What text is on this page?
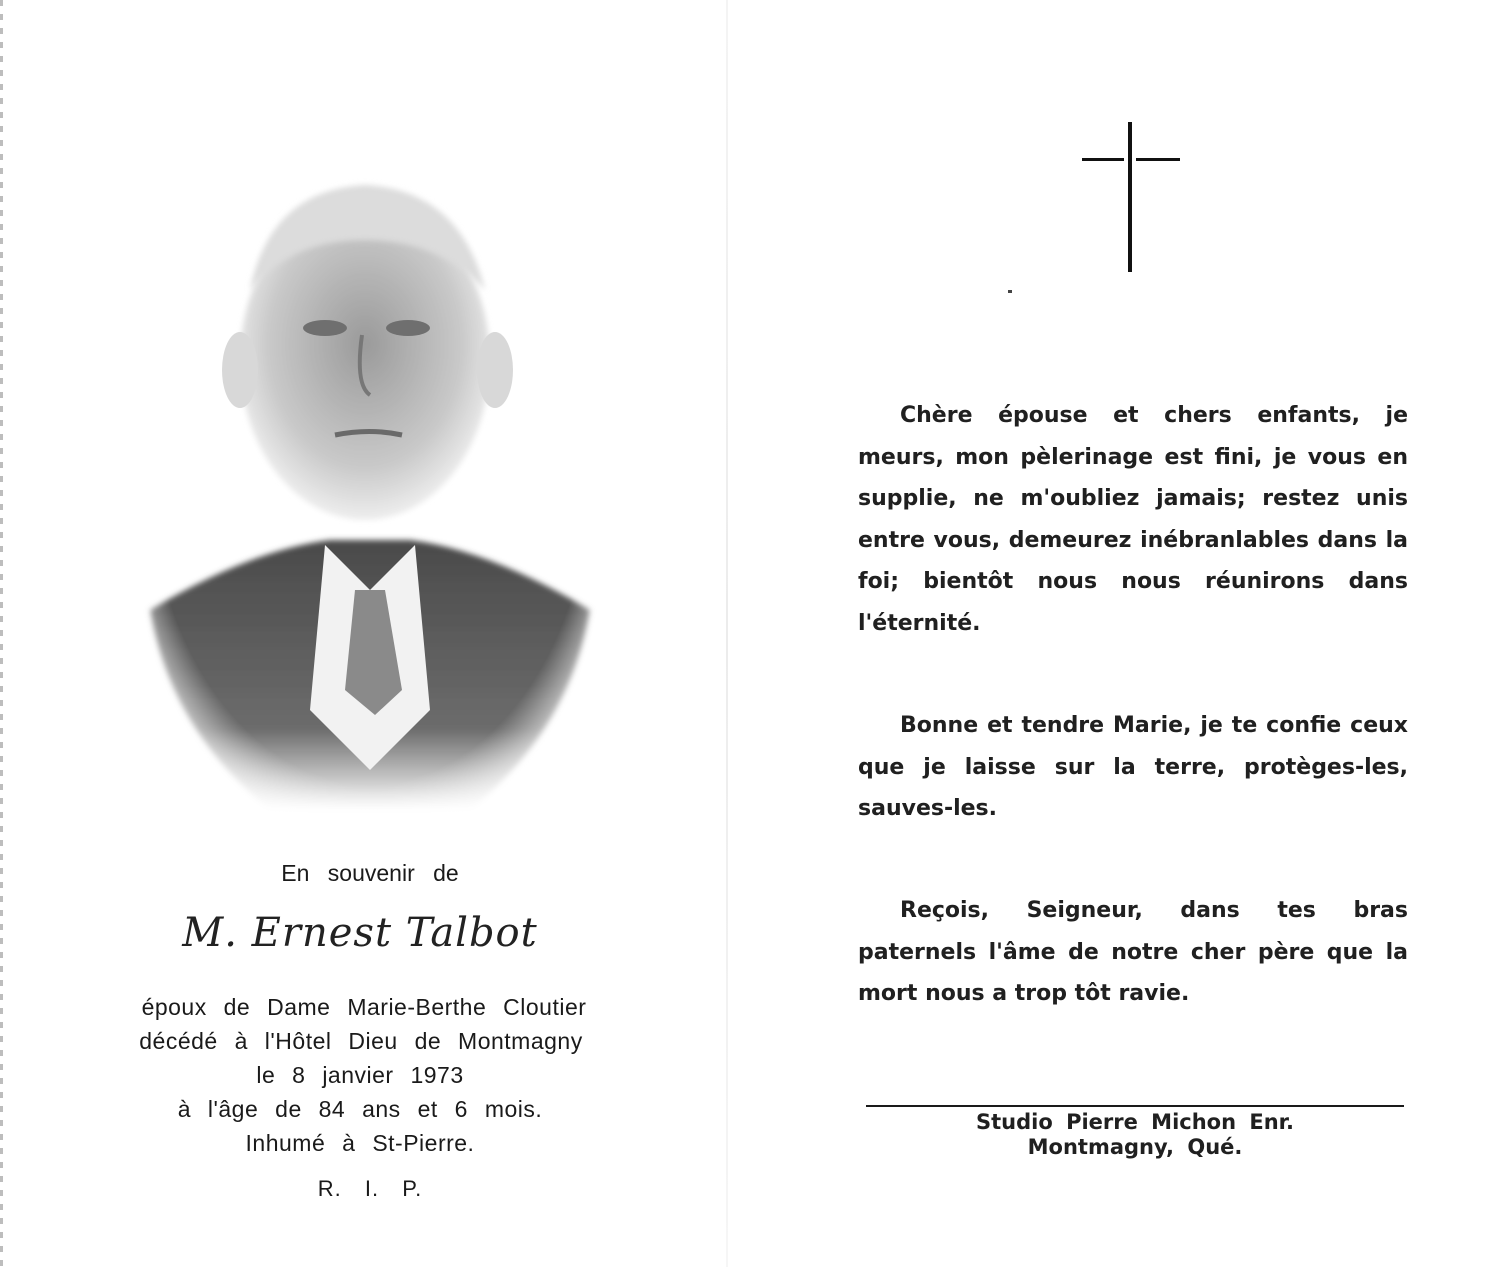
En souvenir de
M. Ernest Talbot
époux de Dame Marie-Berthe Cloutier
décédé à l'Hôtel Dieu de Montmagny
le 8 janvier 1973
à l'âge de 84 ans et 6 mois.
Inhumé à St-Pierre.
R. I. P.

Chère épouse et chers enfants, je meurs, mon pèlerinage est fini, je vous en supplie, ne m'oubliez jamais; restez unis entre vous, demeurez inébranlables dans la foi; bientôt nous nous réunirons dans l'éternité.

Bonne et tendre Marie, je te confie ceux que je laisse sur la terre, protèges-les, sauves-les.

Reçois, Seigneur, dans tes bras paternels l'âme de notre cher père que la mort nous a trop tôt ravie.

Studio Pierre Michon Enr.
Montmagny, Qué.
